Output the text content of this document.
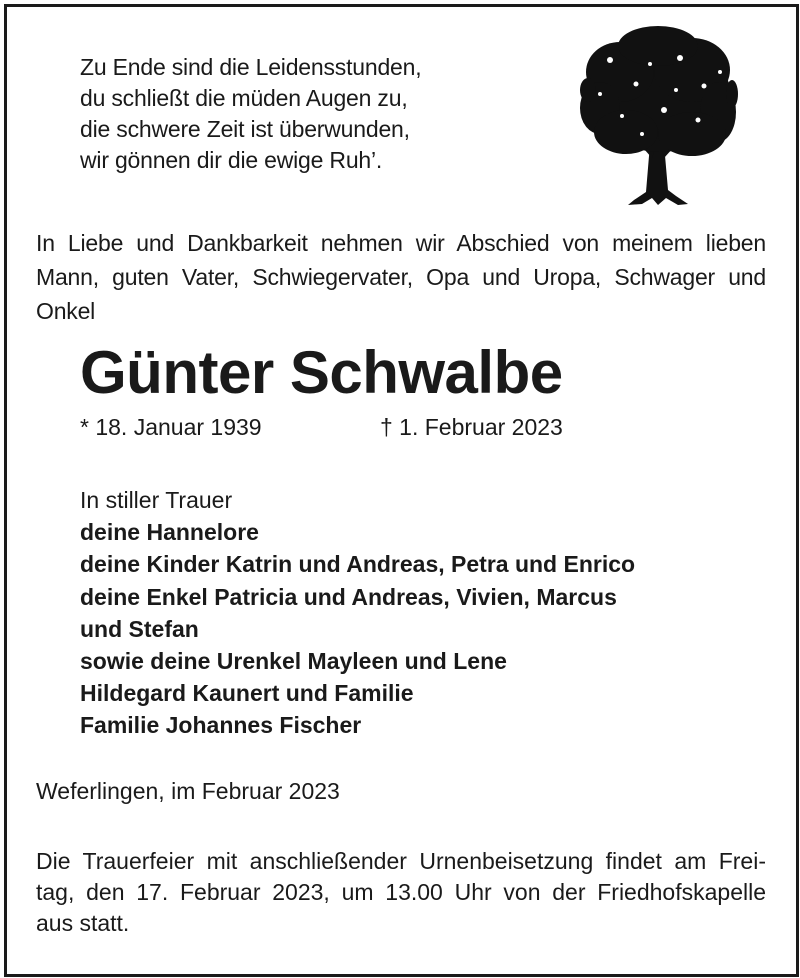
Zu Ende sind die Leidensstunden,
du schließt die müden Augen zu,
die schwere Zeit ist überwunden,
wir gönnen dir die ewige Ruh’.
In Liebe und Dankbarkeit nehmen wir Abschied von meinem lieben Mann, guten Vater, Schwiegervater, Opa und Uropa, Schwager und Onkel
Günter Schwalbe
* 18. Januar 1939	† 1. Februar 2023
In stiller Trauer
deine Hannelore
deine Kinder Katrin und Andreas, Petra und Enrico
deine Enkel Patricia und Andreas, Vivien, Marcus
und Stefan
sowie deine Urenkel Mayleen und Lene
Hildegard Kaunert und Familie
Familie Johannes Fischer
Weferlingen, im Februar 2023
Die Trauerfeier mit anschließender Urnenbeisetzung findet am Frei-
tag, den 17. Februar 2023, um 13.00 Uhr von der Friedhofskapelle
aus statt.
